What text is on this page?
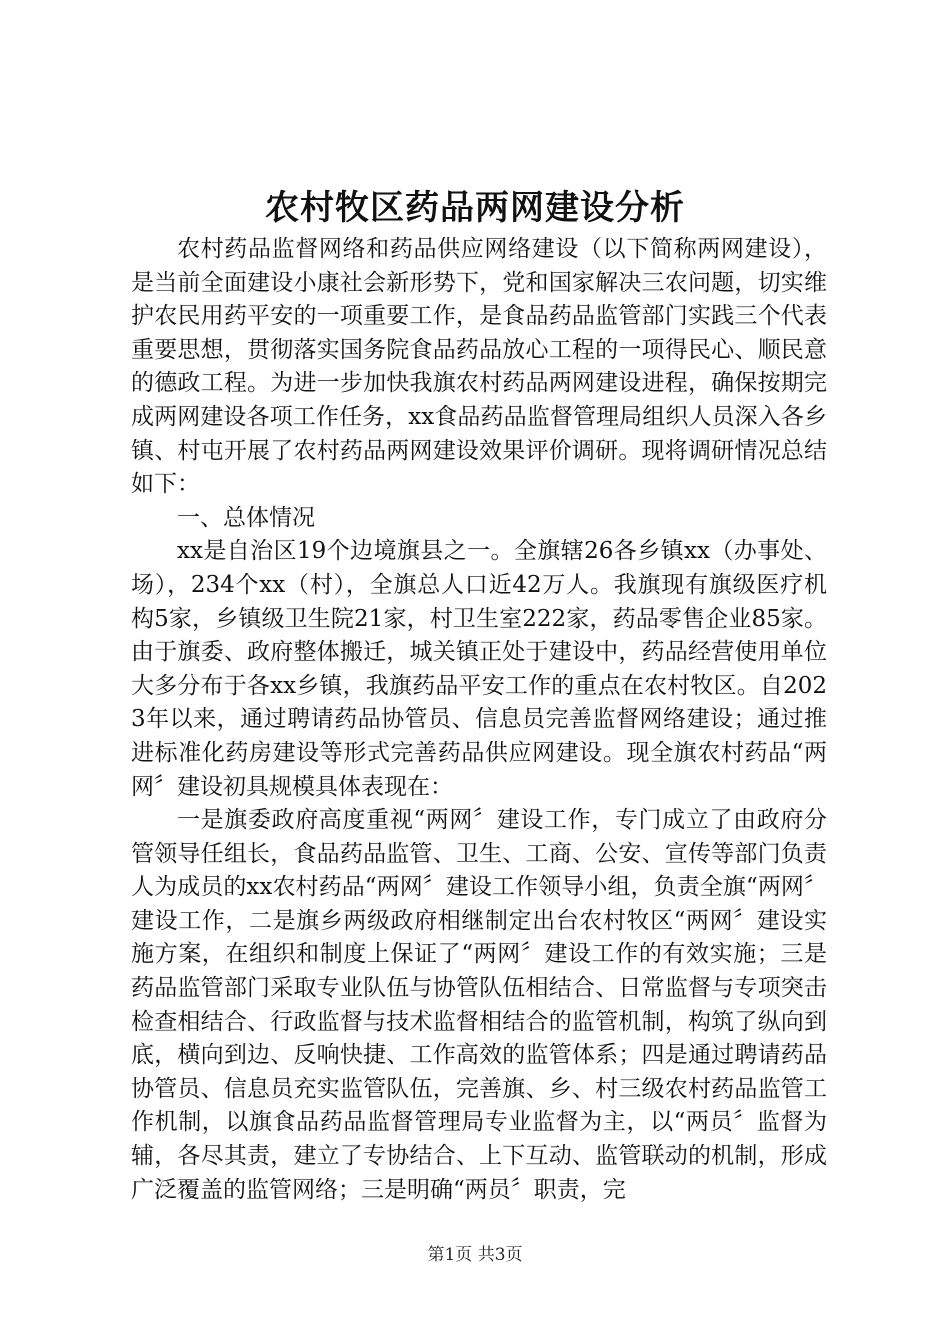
农村牧区药品两网建设分析

农村药品监督网络和药品供应网络建设（以下简称两网建设），是当前全面建设小康社会新形势下，党和国家解决三农问题，切实维护农民用药平安的一项重要工作，是食品药品监管部门实践三个代表重要思想，贯彻落实国务院食品药品放心工程的一项得民心、顺民意的德政工程。为进一步加快我旗农村药品两网建设进程，确保按期完成两网建设各项工作任务，xx食品药品监督管理局组织人员深入各乡镇、村屯开展了农村药品两网建设效果评价调研。现将调研情况总结如下：

一、总体情况

xx是自治区19个边境旗县之一。全旗辖26各乡镇xx（办事处、场），234个xx（村），全旗总人口近42万人。我旗现有旗级医疗机构5家，乡镇级卫生院21家，村卫生室222家，药品零售企业85家。由于旗委、政府整体搬迁，城关镇正处于建设中，药品经营使用单位大多分布于各xx乡镇，我旗药品平安工作的重点在农村牧区。自2023年以来，通过聘请药品协管员、信息员完善监督网络建设；通过推进标准化药房建设等形式完善药品供应网建设。现全旗农村药品“两网〞建设初具规模具体表现在：

一是旗委政府高度重视“两网〞建设工作，专门成立了由政府分管领导任组长，食品药品监管、卫生、工商、公安、宣传等部门负责人为成员的xx农村药品“两网〞建设工作领导小组，负责全旗“两网〞建设工作，二是旗乡两级政府相继制定出台农村牧区“两网〞建设实施方案，在组织和制度上保证了“两网〞建设工作的有效实施；三是药品监管部门采取专业队伍与协管队伍相结合、日常监督与专项突击检查相结合、行政监督与技术监督相结合的监管机制，构筑了纵向到底，横向到边、反响快捷、工作高效的监管体系；四是通过聘请药品协管员、信息员充实监管队伍，完善旗、乡、村三级农村药品监管工作机制，以旗食品药品监督管理局专业监督为主，以“两员〞监督为辅，各尽其责，建立了专协结合、上下互动、监管联动的机制，形成广泛覆盖的监管网络；三是明确“两员〞职责，完

第1页 共3页
